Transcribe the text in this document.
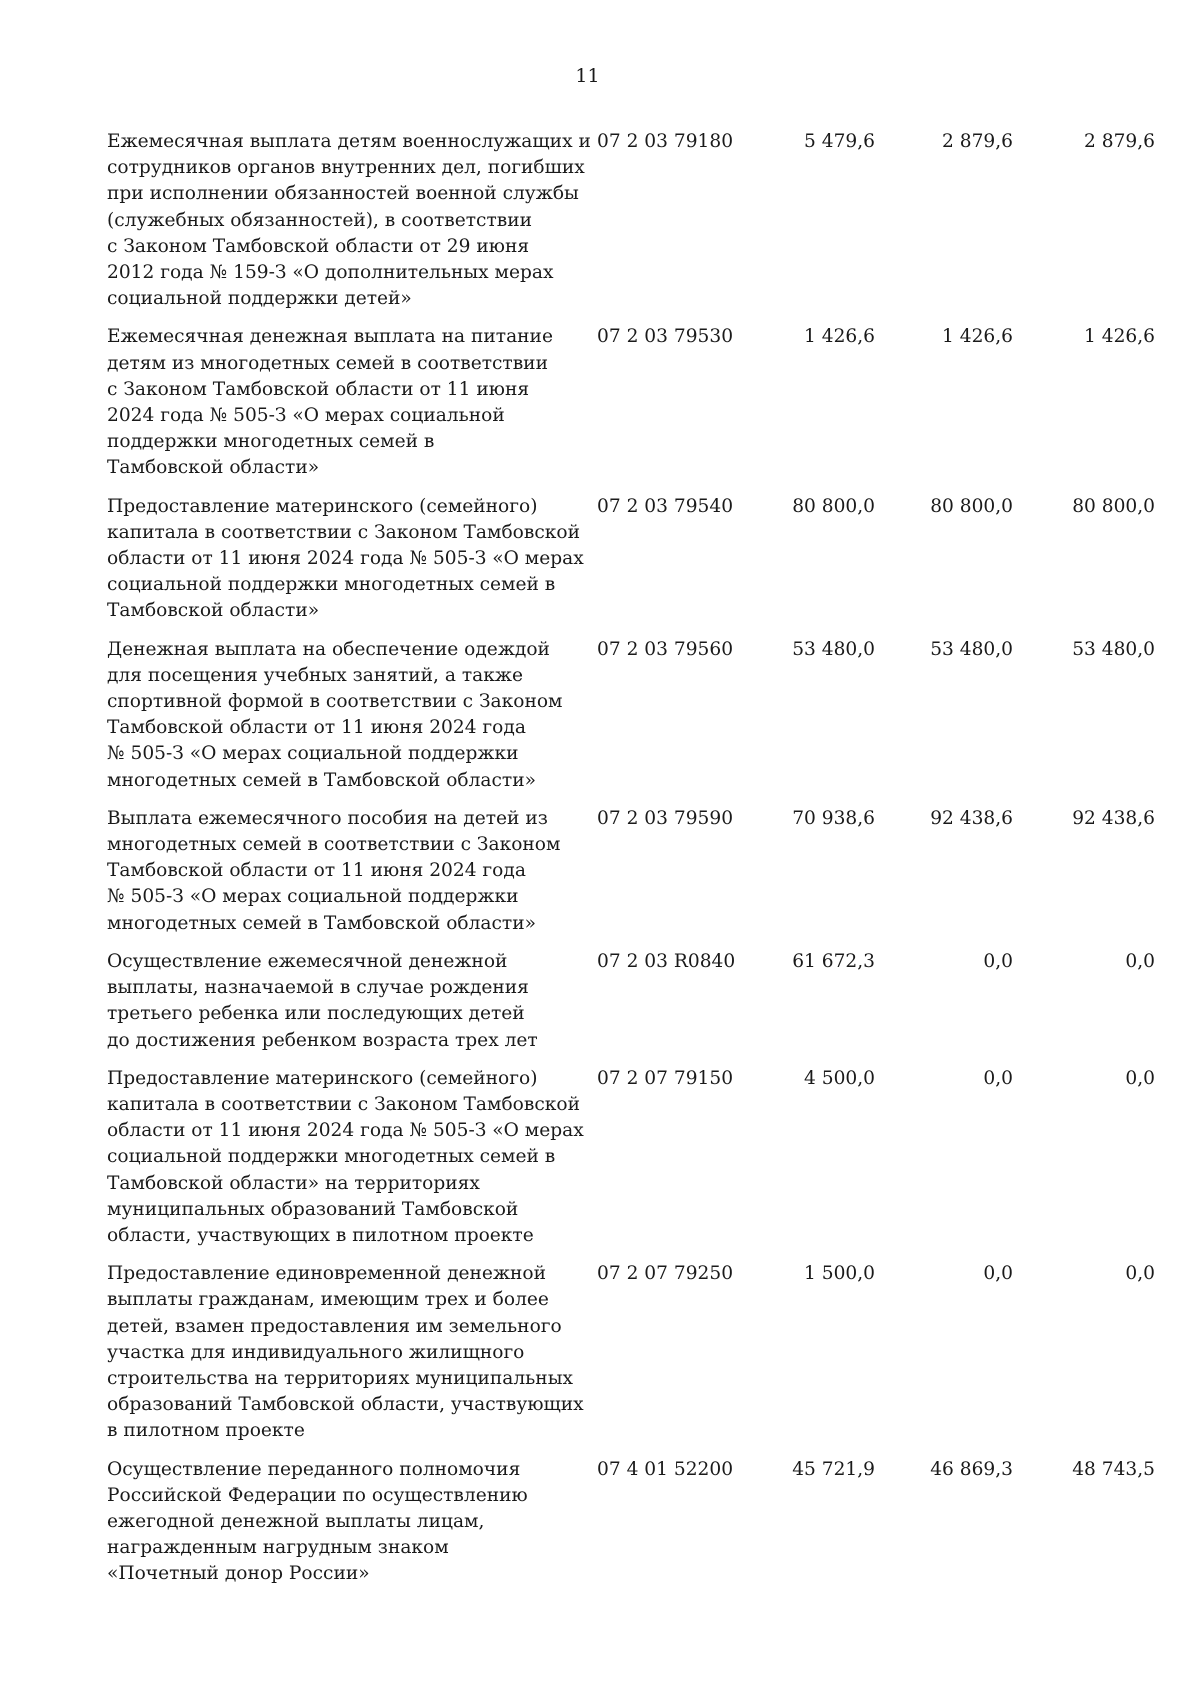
11
Ежемесячная выплата детям военнослужащих и
сотрудников органов внутренних дел, погибших
при исполнении обязанностей военной службы
(служебных обязанностей), в соответствии
с Законом Тамбовской области от 29 июня
2012 года № 159-З «О дополнительных мерах
социальной поддержки детей»
07 2 03 79180	5 479,6	2 879,6	2 879,6
Ежемесячная денежная выплата на питание
детям из многодетных семей в соответствии
с Законом Тамбовской области от 11 июня
2024 года № 505-З «О мерах социальной
поддержки многодетных семей в
Тамбовской области»
07 2 03 79530	1 426,6	1 426,6	1 426,6
Предоставление материнского (семейного)
капитала в соответствии с Законом Тамбовской
области от 11 июня 2024 года № 505-З «О мерах
социальной поддержки многодетных семей в
Тамбовской области»
07 2 03 79540	80 800,0	80 800,0	80 800,0
Денежная выплата на обеспечение одеждой
для посещения учебных занятий, а также
спортивной формой в соответствии с Законом
Тамбовской области от 11 июня 2024 года
№ 505-З «О мерах социальной поддержки
многодетных семей в Тамбовской области»
07 2 03 79560	53 480,0	53 480,0	53 480,0
Выплата ежемесячного пособия на детей из
многодетных семей в соответствии с Законом
Тамбовской области от 11 июня 2024 года
№ 505-З «О мерах социальной поддержки
многодетных семей в Тамбовской области»
07 2 03 79590	70 938,6	92 438,6	92 438,6
Осуществление ежемесячной денежной
выплаты, назначаемой в случае рождения
третьего ребенка или последующих детей
до достижения ребенком возраста трех лет
07 2 03 R0840	61 672,3	0,0	0,0
Предоставление материнского (семейного)
капитала в соответствии с Законом Тамбовской
области от 11 июня 2024 года № 505-З «О мерах
социальной поддержки многодетных семей в
Тамбовской области» на территориях
муниципальных образований Тамбовской
области, участвующих в пилотном проекте
07 2 07 79150	4 500,0	0,0	0,0
Предоставление единовременной денежной
выплаты гражданам, имеющим трех и более
детей, взамен предоставления им земельного
участка для индивидуального жилищного
строительства на территориях муниципальных
образований Тамбовской области, участвующих
в пилотном проекте
07 2 07 79250	1 500,0	0,0	0,0
Осуществление переданного полномочия
Российской Федерации по осуществлению
ежегодной денежной выплаты лицам,
награжденным нагрудным знаком
«Почетный донор России»
07 4 01 52200	45 721,9	46 869,3	48 743,5
